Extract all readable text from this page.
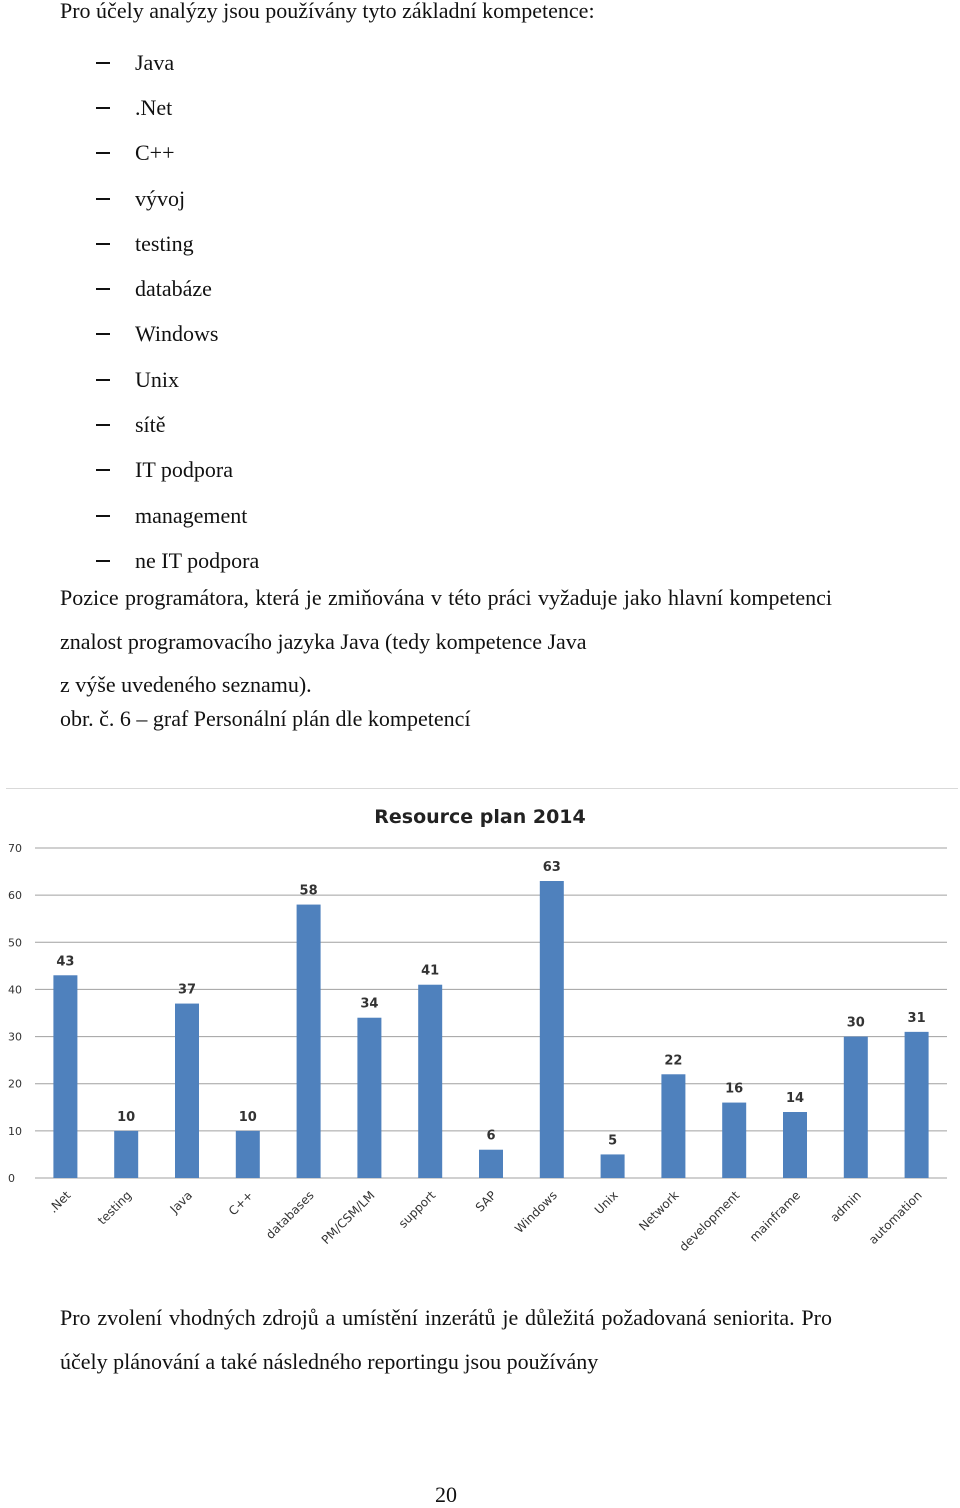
Pro účely analýzy jsou používány tyto základní kompetence:

Java
.Net
C++
vývoj
testing
databáze
Windows
Unix
sítě
IT podpora
management
ne IT podpora

Pozice programátora, která je zmiňována v této práci vyžaduje jako hlavní kompetenci znalost programovacího jazyka Java (tedy kompetence Java
z výše uvedeného seznamu).

obr. č. 6 – graf Personální plán dle kompetencí

Resource plan 2014
0
10
20
30
40
50
60
70
43
.Net
10
testing
37
Java
10
C++
58
databases
34
PM/CSM/LM
41
support
6
SAP
63
Windows
5
Unix
22
Network
16
development
14
mainframe
30
admin
31
automation

Pro zvolení vhodných zdrojů a umístění inzerátů je důležitá požadovaná seniorita. Pro účely plánování a také následného reportingu jsou používány

20
